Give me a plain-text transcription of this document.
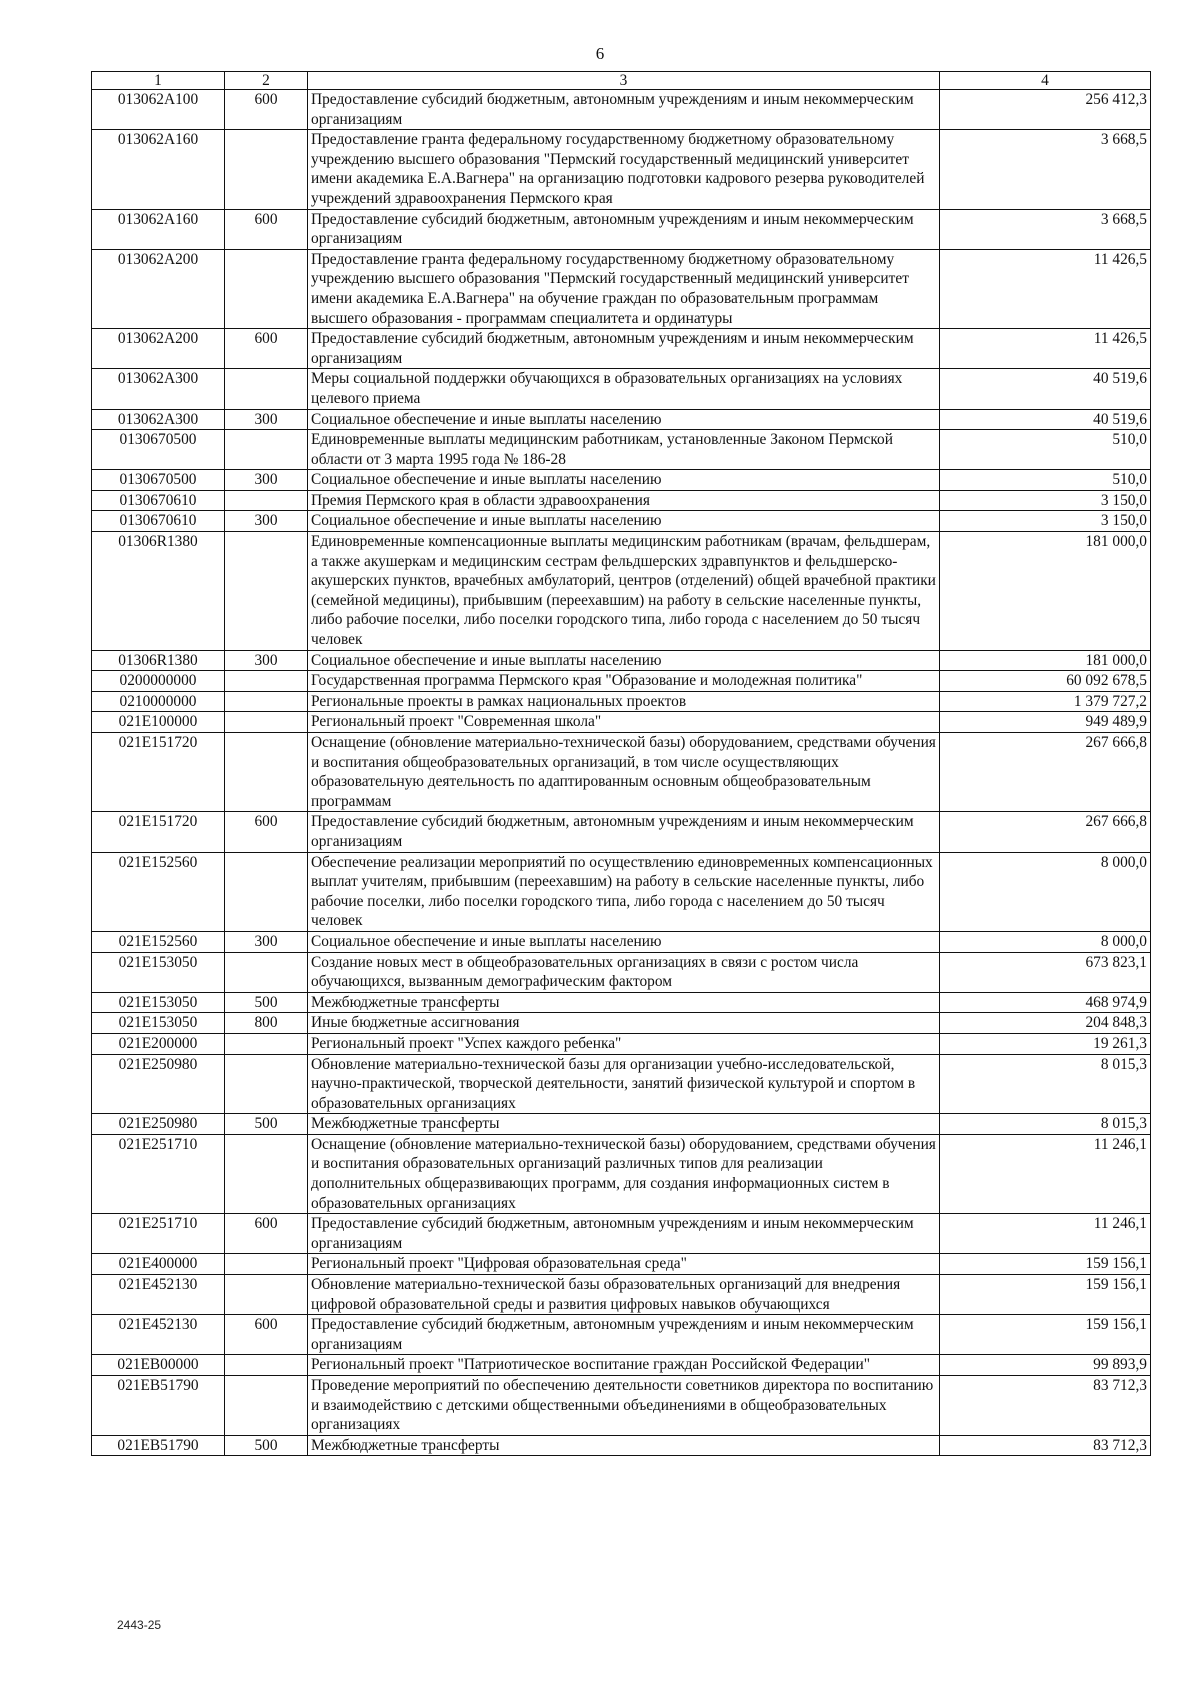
6
1	2	3	4
013062А100	600	Предоставление субсидий бюджетным, автономным учреждениям и иным некоммерческим организациям	256 412,3
013062А160		Предоставление гранта федеральному государственному бюджетному образовательному учреждению высшего образования "Пермский государственный медицинский университет имени академика Е.А.Вагнера" на организацию подготовки кадрового резерва руководителей учреждений здравоохранения Пермского края	3 668,5
013062А160	600	Предоставление субсидий бюджетным, автономным учреждениям и иным некоммерческим организациям	3 668,5
013062А200		Предоставление гранта федеральному государственному бюджетному образовательному учреждению высшего образования "Пермский государственный медицинский университет имени академика Е.А.Вагнера" на обучение граждан по образовательным программам высшего образования - программам специалитета и ординатуры	11 426,5
013062А200	600	Предоставление субсидий бюджетным, автономным учреждениям и иным некоммерческим организациям	11 426,5
013062А300		Меры социальной поддержки обучающихся в образовательных организациях на условиях целевого приема	40 519,6
013062А300	300	Социальное обеспечение и иные выплаты населению	40 519,6
0130670500		Единовременные выплаты медицинским работникам, установленные Законом Пермской области от 3 марта 1995 года № 186-28	510,0
0130670500	300	Социальное обеспечение и иные выплаты населению	510,0
0130670610		Премия Пермского края в области здравоохранения	3 150,0
0130670610	300	Социальное обеспечение и иные выплаты населению	3 150,0
01306R1380		Единовременные компенсационные выплаты медицинским работникам (врачам, фельдшерам, а также акушеркам и медицинским сестрам фельдшерских здравпунктов и фельдшерско-акушерских пунктов, врачебных амбулаторий, центров (отделений) общей врачебной практики (семейной медицины), прибывшим (переехавшим) на работу в сельские населенные пункты, либо рабочие поселки, либо поселки городского типа, либо города с населением до 50 тысяч человек	181 000,0
01306R1380	300	Социальное обеспечение и иные выплаты населению	181 000,0
0200000000		Государственная программа Пермского края "Образование и молодежная политика"	60 092 678,5
0210000000		Региональные проекты в рамках национальных проектов	1 379 727,2
021E100000		Региональный проект "Современная школа"	949 489,9
021E151720		Оснащение (обновление материально-технической базы) оборудованием, средствами обучения и воспитания общеобразовательных организаций, в том числе осуществляющих образовательную деятельность по адаптированным основным общеобразовательным программам	267 666,8
021E151720	600	Предоставление субсидий бюджетным, автономным учреждениям и иным некоммерческим организациям	267 666,8
021E152560		Обеспечение реализации мероприятий по осуществлению единовременных компенсационных выплат учителям, прибывшим (переехавшим) на работу в сельские населенные пункты, либо рабочие поселки, либо поселки городского типа, либо города с населением до 50 тысяч человек	8 000,0
021E152560	300	Социальное обеспечение и иные выплаты населению	8 000,0
021E153050		Создание новых мест в общеобразовательных организациях в связи с ростом числа обучающихся, вызванным демографическим фактором	673 823,1
021E153050	500	Межбюджетные трансферты	468 974,9
021E153050	800	Иные бюджетные ассигнования	204 848,3
021E200000		Региональный проект "Успех каждого ребенка"	19 261,3
021E250980		Обновление материально-технической базы для организации учебно-исследовательской, научно-практической, творческой деятельности, занятий физической культурой и спортом в образовательных организациях	8 015,3
021E250980	500	Межбюджетные трансферты	8 015,3
021E251710		Оснащение (обновление материально-технической базы) оборудованием, средствами обучения и воспитания образовательных организаций различных типов для реализации дополнительных общеразвивающих программ, для создания информационных систем в образовательных организациях	11 246,1
021E251710	600	Предоставление субсидий бюджетным, автономным учреждениям и иным некоммерческим организациям	11 246,1
021E400000		Региональный проект "Цифровая образовательная среда"	159 156,1
021E452130		Обновление материально-технической базы образовательных организаций для внедрения цифровой образовательной среды и развития цифровых навыков обучающихся	159 156,1
021E452130	600	Предоставление субсидий бюджетным, автономным учреждениям и иным некоммерческим организациям	159 156,1
021EВ00000		Региональный проект "Патриотическое воспитание граждан Российской Федерации"	99 893,9
021EВ51790		Проведение мероприятий по обеспечению деятельности советников директора по воспитанию и взаимодействию с детскими общественными объединениями в общеобразовательных организациях	83 712,3
021EВ51790	500	Межбюджетные трансферты	83 712,3
2443-25
